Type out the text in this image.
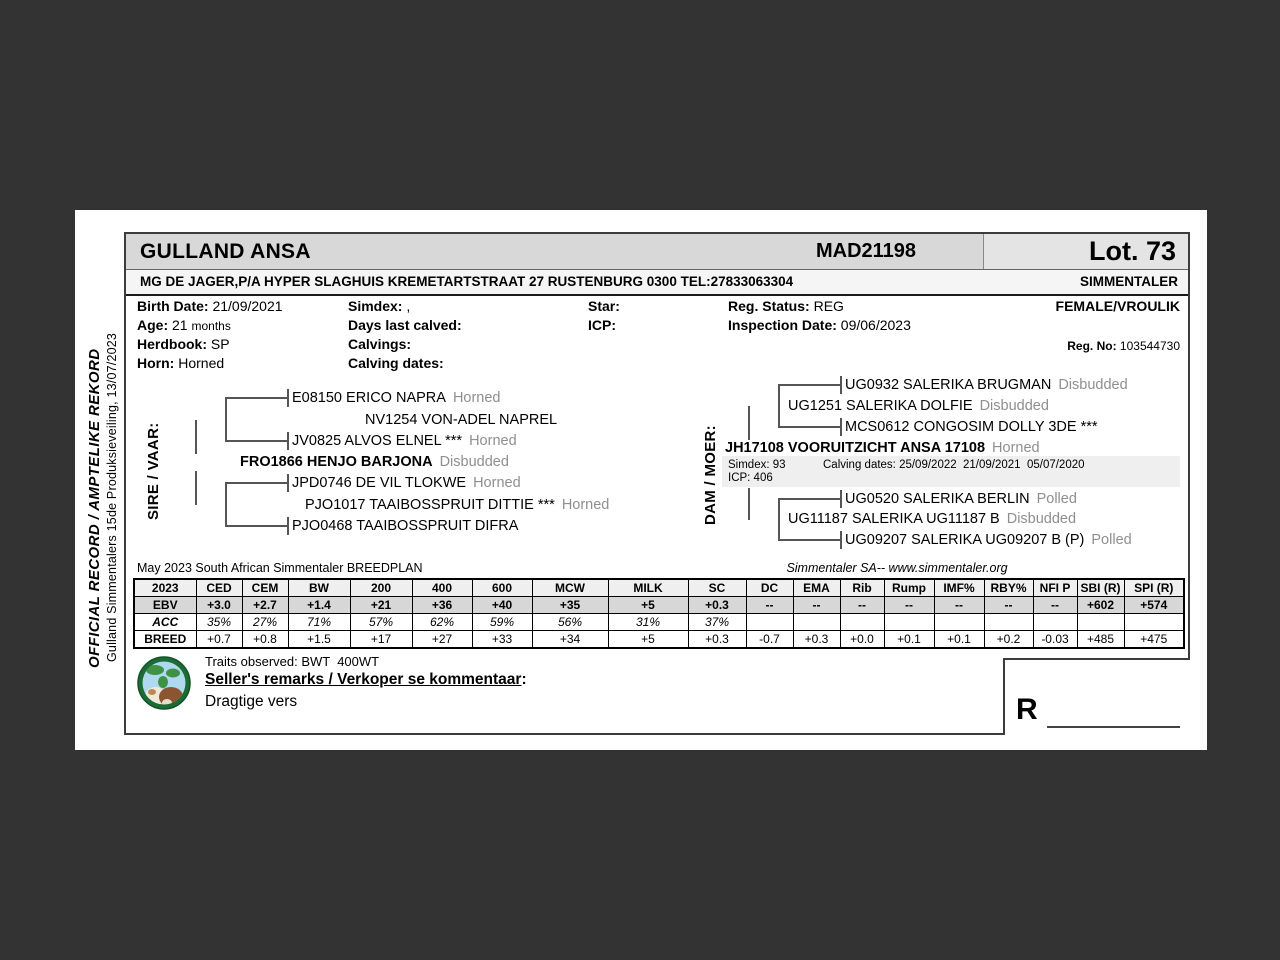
OFFICIAL RECORD / AMPTELIKE REKORD Gulland Simmentalers 15de Produksieveiling, 13/07/2023
GULLAND ANSA	MAD21198	Lot. 73
MG DE JAGER,P/A HYPER SLAGHUIS KREMETARTSTRAAT 27 RUSTENBURG 0300 TEL:27833063304	SIMMENTALER
Birth Date: 21/09/2021
Age: 21 months
Herdbook: SP
Horn: Horned
Simdex: ,
Days last calved:
Calvings:
Calving dates:
Star:
ICP:
Reg. Status: REG
Inspection Date: 09/06/2023
FEMALE/VROULIK
Reg. No: 103544730
SIRE / VAAR:
E08150 ERICO NAPRA Horned
NV1254 VON-ADEL NAPREL
JV0825 ALVOS ELNEL *** Horned
FRO1866 HENJO BARJONA Disbudded
JPD0746 DE VIL TLOKWE Horned
PJO1017 TAAIBOSSPRUIT DITTIE *** Horned
PJO0468 TAAIBOSSPRUIT DIFRA
DAM / MOER:
UG0932 SALERIKA BRUGMAN Disbudded
UG1251 SALERIKA DOLFIE Disbudded
MCS0612 CONGOSIM DOLLY 3DE ***
JH17108 VOORUITZICHT ANSA 17108 Horned
UG0520 SALERIKA BERLIN Polled
UG11187 SALERIKA UG11187 B Disbudded
UG09207 SALERIKA UG09207 B (P) Polled
Simdex: 93	Calving dates: 25/09/2022  21/09/2021  05/07/2020
ICP: 406
May 2023 South African Simmentaler BREEDPLAN	Simmentaler SA-- www.simmentaler.org
2023	CED	CEM	BW	200	400	600	MCW	MILK	SC	DC	EMA	Rib	Rump	IMF%	RBY%	NFI P	SBI (R)	SPI (R)
EBV	+3.0	+2.7	+1.4	+21	+36	+40	+35	+5	+0.3	--	--	--	--	--	--	--	+602	+574
ACC	35%	27%	71%	57%	62%	59%	56%	31%	37%									
BREED	+0.7	+0.8	+1.5	+17	+27	+33	+34	+5	+0.3	-0.7	+0.3	+0.0	+0.1	+0.1	+0.2	-0.03	+485	+475
Traits observed: BWT  400WT
Seller's remarks / Verkoper se kommentaar:
Dragtige vers	R
